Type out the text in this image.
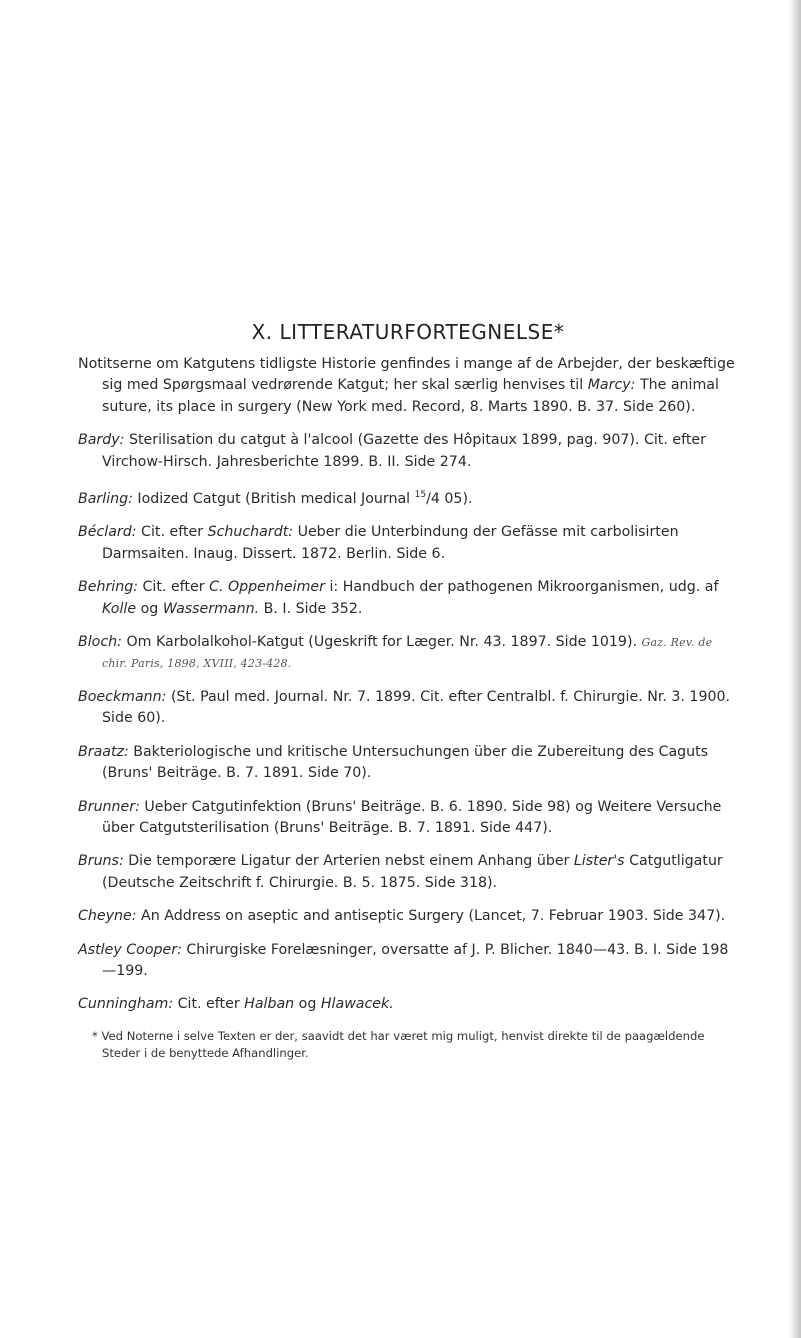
X. LITTERATURFORTEGNELSE*

Notitserne om Katgutens tidligste Historie genfindes i mange af de Arbejder, der beskæftige sig med Spørgsmaal vedrørende Katgut; her skal særlig henvises til Marcy: The animal suture, its place in surgery (New York med. Record, 8. Marts 1890. B. 37. Side 260).

Bardy: Sterilisation du catgut à l'alcool (Gazette des Hôpitaux 1899, pag. 907). Cit. efter Virchow-Hirsch. Jahresberichte 1899. B. II. Side 274.

Barling: Iodized Catgut (British medical Journal $^{15}$/4 05).

Béclard: Cit. efter Schuchardt: Ueber die Unterbindung der Gefässe mit carbolisirten Darmsaiten. Inaug. Dissert. 1872. Berlin. Side 6.

Behring: Cit. efter C. Oppenheimer i: Handbuch der pathogenen Mikroorganismen, udg. af Kolle og Wassermann. B. I. Side 352.

Bloch: Om Karbolalkohol-Katgut (Ugeskrift for Læger. Nr. 43. 1897. Side 1019). Gaz. Rev. de chir. Paris, 1898, XVIII, 423-428.

Boeckmann: (St. Paul med. Journal. Nr. 7. 1899. Cit. efter Centralbl. f. Chirurgie. Nr. 3. 1900. Side 60).

Braatz: Bakteriologische und kritische Untersuchungen über die Zubereitung des Caguts (Bruns' Beiträge. B. 7. 1891. Side 70).

Brunner: Ueber Catgutinfektion (Bruns' Beiträge. B. 6. 1890. Side 98) og Weitere Versuche über Catgutsterilisation (Bruns' Beiträge. B. 7. 1891. Side 447).

Bruns: Die temporære Ligatur der Arterien nebst einem Anhang über Lister's Catgutligatur (Deutsche Zeitschrift f. Chirurgie. B. 5. 1875. Side 318).

Cheyne: An Address on aseptic and antiseptic Surgery (Lancet, 7. Februar 1903. Side 347).

Astley Cooper: Chirurgiske Forelæsninger, oversatte af J. P. Blicher. 1840—43. B. I. Side 198—199.

Cunningham: Cit. efter Halban og Hlawacek.

* Ved Noterne i selve Texten er der, saavidt det har været mig muligt, henvist direkte til de paagældende Steder i de benyttede Afhandlinger.
